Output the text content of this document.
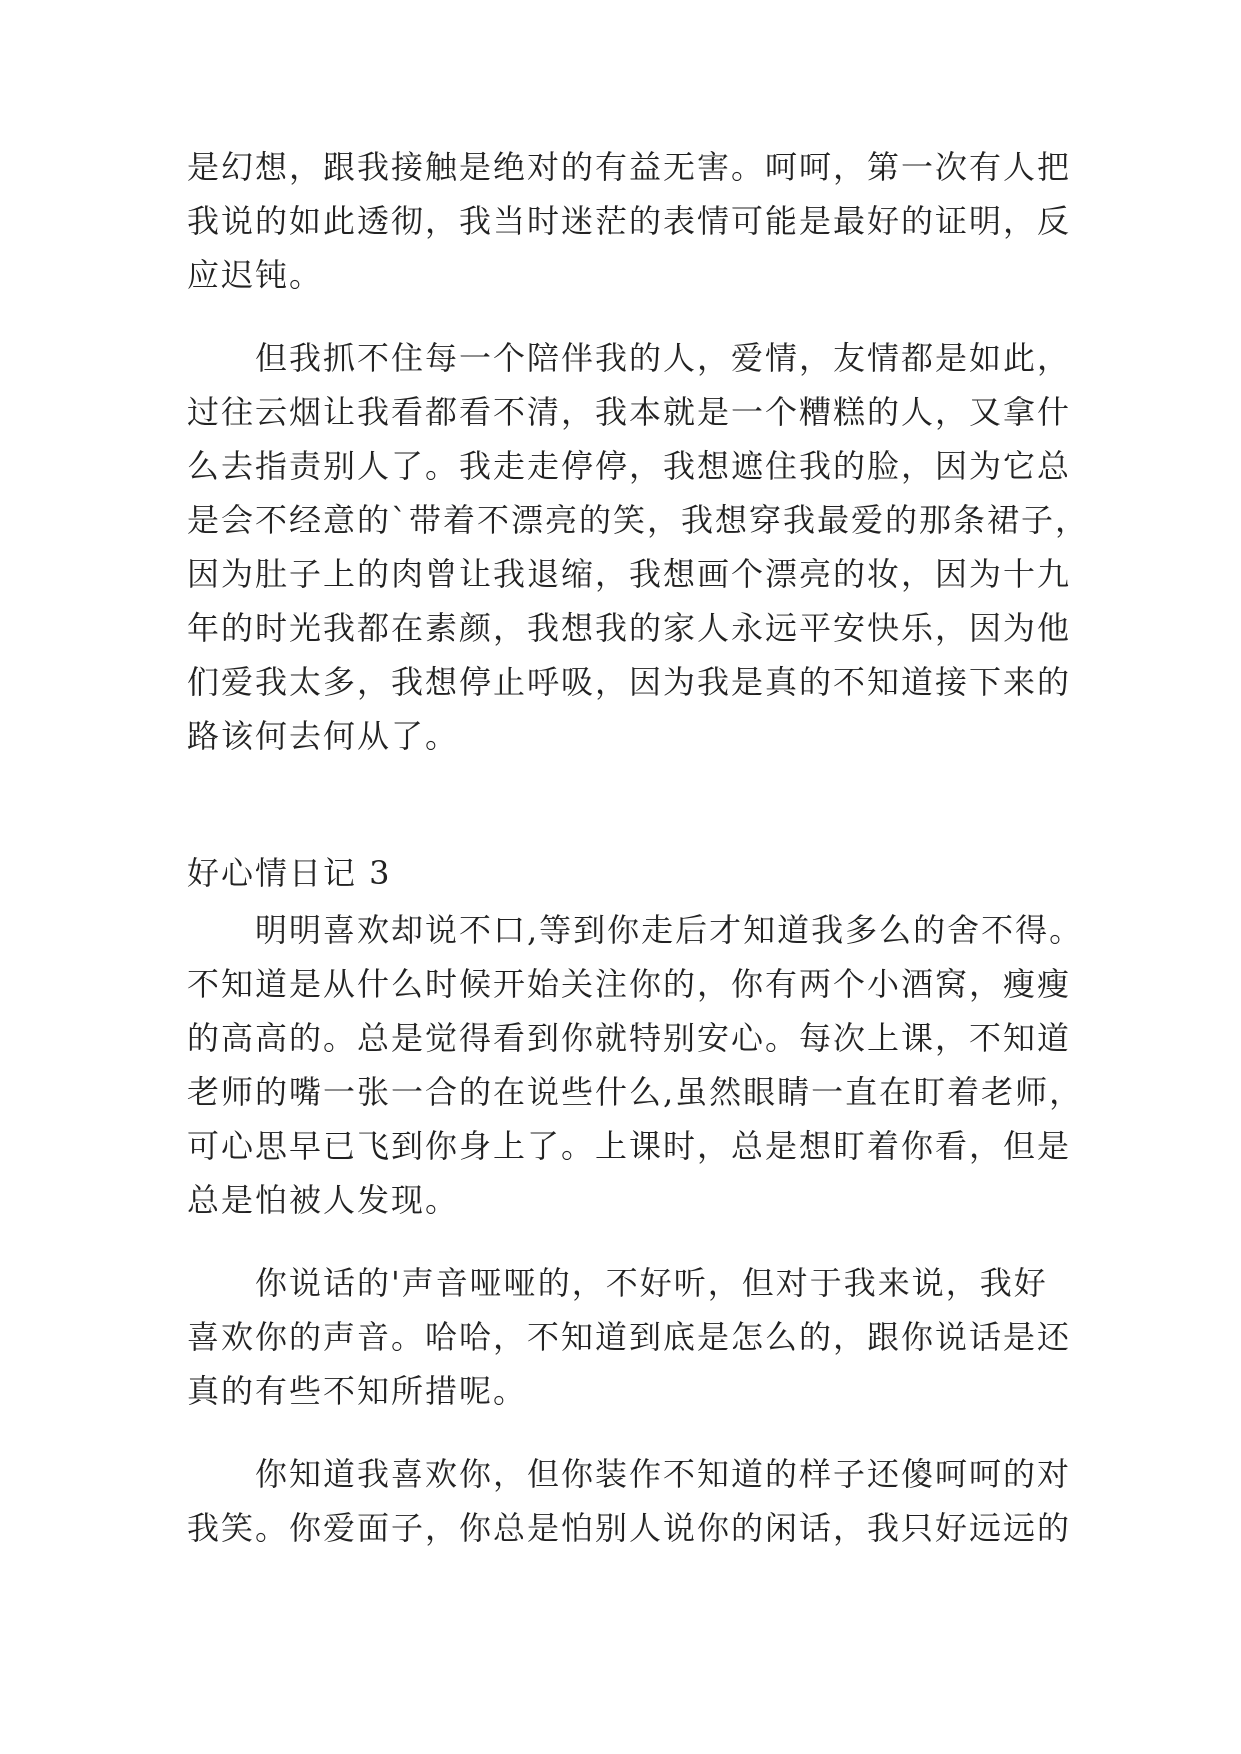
是幻想，跟我接触是绝对的有益无害。呵呵，第一次有人把
我说的如此透彻，我当时迷茫的表情可能是最好的证明，反
应迟钝。
　　但我抓不住每一个陪伴我的人，爱情，友情都是如此，
过往云烟让我看都看不清，我本就是一个糟糕的人，又拿什
么去指责别人了。我走走停停，我想遮住我的脸，因为它总
是会不经意的`带着不漂亮的笑，我想穿我最爱的那条裙子，
因为肚子上的肉曾让我退缩，我想画个漂亮的妆，因为十九
年的时光我都在素颜，我想我的家人永远平安快乐，因为他
们爱我太多，我想停止呼吸，因为我是真的不知道接下来的
路该何去何从了。
好心情日记 3
　　明明喜欢却说不口,等到你走后才知道我多么的舍不得。
不知道是从什么时候开始关注你的，你有两个小酒窝，瘦瘦
的高高的。总是觉得看到你就特别安心。每次上课，不知道
老师的嘴一张一合的在说些什么,虽然眼睛一直在盯着老师，
可心思早已飞到你身上了。上课时，总是想盯着你看，但是
总是怕被人发现。
　　你说话的'声音哑哑的，不好听，但对于我来说，我好
喜欢你的声音。哈哈，不知道到底是怎么的，跟你说话是还
真的有些不知所措呢。
　　你知道我喜欢你，但你装作不知道的样子还傻呵呵的对
我笑。你爱面子，你总是怕别人说你的闲话，我只好远远的
